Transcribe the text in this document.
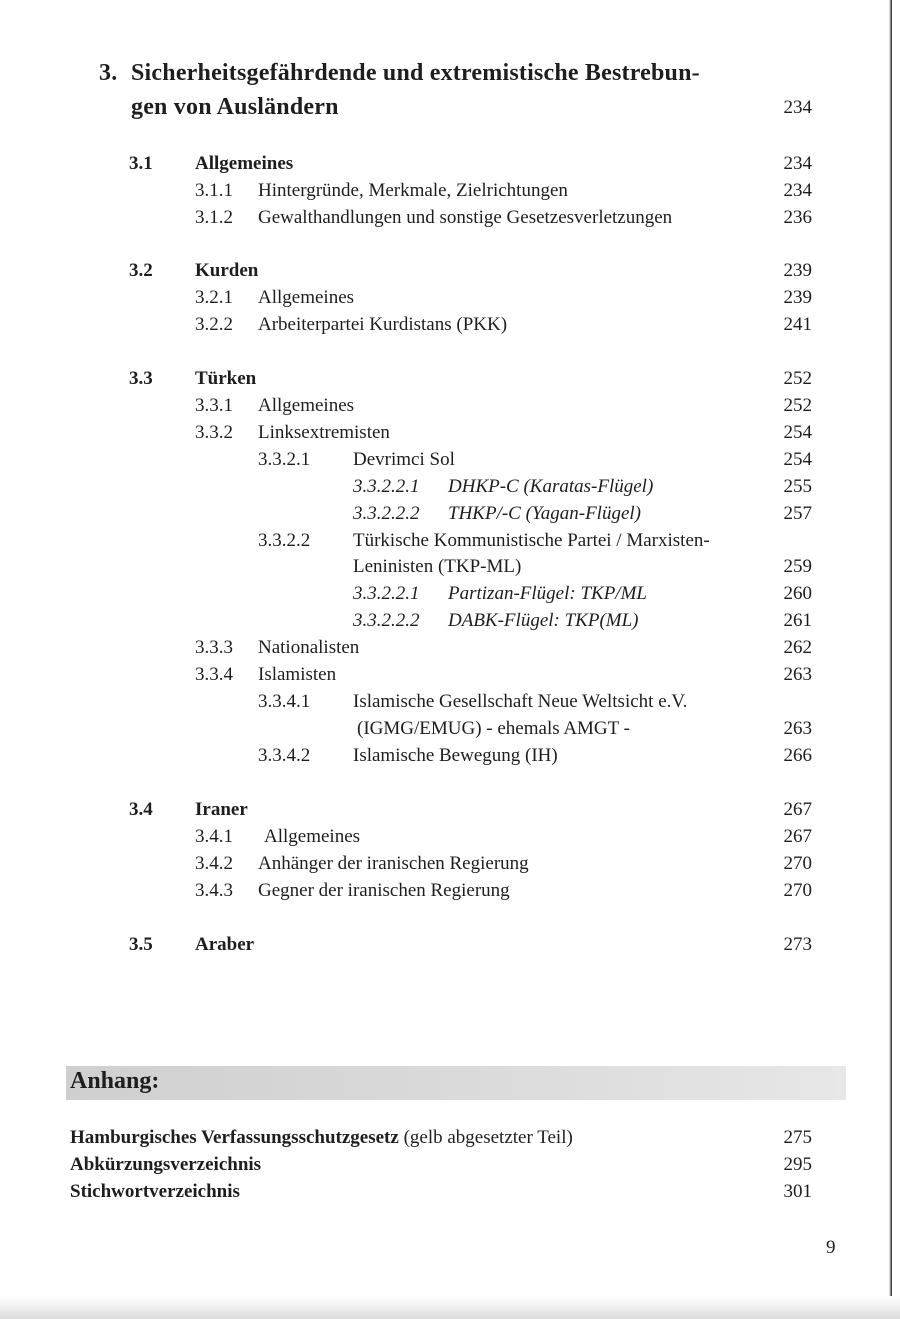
3. Sicherheitsgefährdende und extremistische Bestrebun-
gen von Ausländern	234
3.1 Allgemeines	234
3.1.1 Hintergründe, Merkmale, Zielrichtungen	234
3.1.2 Gewalthandlungen und sonstige Gesetzesverletzungen	236
3.2 Kurden	239
3.2.1 Allgemeines	239
3.2.2 Arbeiterpartei Kurdistans (PKK)	241
3.3 Türken	252
3.3.1 Allgemeines	252
3.3.2 Linksextremisten	254
3.3.2.1 Devrimci Sol	254
3.3.2.2.1 DHKP-C (Karatas-Flügel)	255
3.3.2.2.2 THKP/-C (Yagan-Flügel)	257
3.3.2.2 Türkische Kommunistische Partei / Marxisten-
Leninisten (TKP-ML)	259
3.3.2.2.1 Partizan-Flügel: TKP/ML	260
3.3.2.2.2 DABK-Flügel: TKP(ML)	261
3.3.3 Nationalisten	262
3.3.4 Islamisten	263
3.3.4.1 Islamische Gesellschaft Neue Weltsicht e.V.
(IGMG/EMUG) - ehemals AMGT -	263
3.3.4.2 Islamische Bewegung (IH)	266
3.4 Iraner	267
3.4.1 Allgemeines	267
3.4.2 Anhänger der iranischen Regierung	270
3.4.3 Gegner der iranischen Regierung	270
3.5 Araber	273
Anhang:
Hamburgisches Verfassungsschutzgesetz (gelb abgesetzter Teil)	275
Abkürzungsverzeichnis	295
Stichwortverzeichnis	301
9
